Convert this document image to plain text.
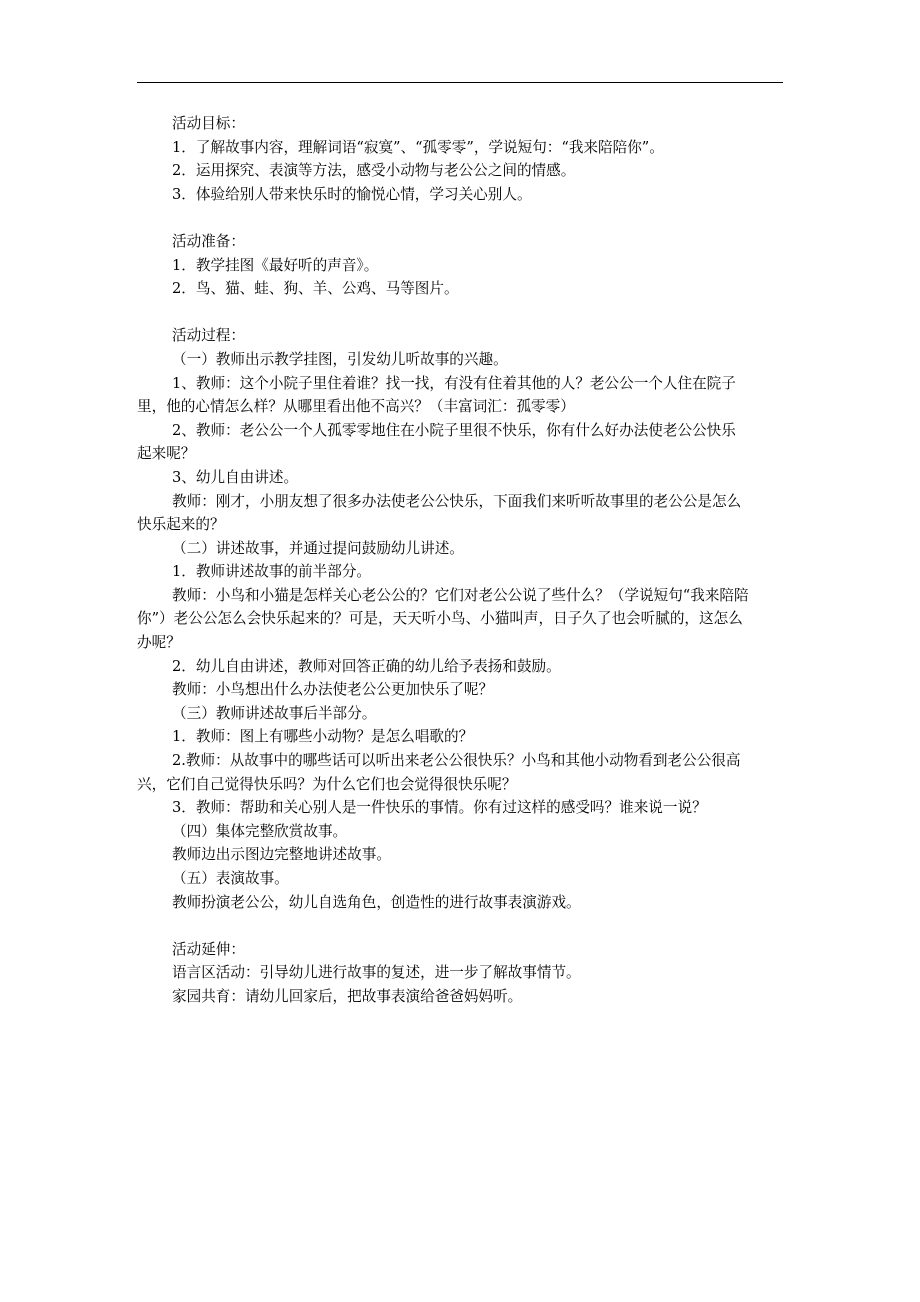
活动目标：

1．了解故事内容，理解词语“寂寞”、“孤零零”，学说短句：“我来陪陪你”。

2．运用探究、表演等方法，感受小动物与老公公之间的情感。

3．体验给别人带来快乐时的愉悦心情，学习关心别人。

活动准备：

1．教学挂图《最好听的声音》。

2．鸟、猫、蛙、狗、羊、公鸡、马等图片。

活动过程：

（一）教师出示教学挂图，引发幼儿听故事的兴趣。

1、教师：这个小院子里住着谁？找一找，有没有住着其他的人？老公公一个人住在院子里，他的心情怎么样？从哪里看出他不高兴？（丰富词汇：孤零零）

2、教师：老公公一个人孤零零地住在小院子里很不快乐，你有什么好办法使老公公快乐起来呢？

3、幼儿自由讲述。

教师：刚才，小朋友想了很多办法使老公公快乐，下面我们来听听故事里的老公公是怎么快乐起来的？

（二）讲述故事，并通过提问鼓励幼儿讲述。

1．教师讲述故事的前半部分。

教师：小鸟和小猫是怎样关心老公公的？它们对老公公说了些什么？（学说短句“我来陪陪你”）老公公怎么会快乐起来的？可是，天天听小鸟、小猫叫声，日子久了也会听腻的，这怎么办呢？

2．幼儿自由讲述，教师对回答正确的幼儿给予表扬和鼓励。

教师：小鸟想出什么办法使老公公更加快乐了呢？

（三）教师讲述故事后半部分。

1．教师：图上有哪些小动物？是怎么唱歌的？

2.教师：从故事中的哪些话可以听出来老公公很快乐？小鸟和其他小动物看到老公公很高兴，它们自己觉得快乐吗？为什么它们也会觉得很快乐呢？

3．教师：帮助和关心别人是一件快乐的事情。你有过这样的感受吗？谁来说一说？

（四）集体完整欣赏故事。

教师边出示图边完整地讲述故事。

（五）表演故事。

教师扮演老公公，幼儿自选角色，创造性的进行故事表演游戏。

活动延伸：

语言区活动：引导幼儿进行故事的复述，进一步了解故事情节。

家园共育：请幼儿回家后，把故事表演给爸爸妈妈听。
